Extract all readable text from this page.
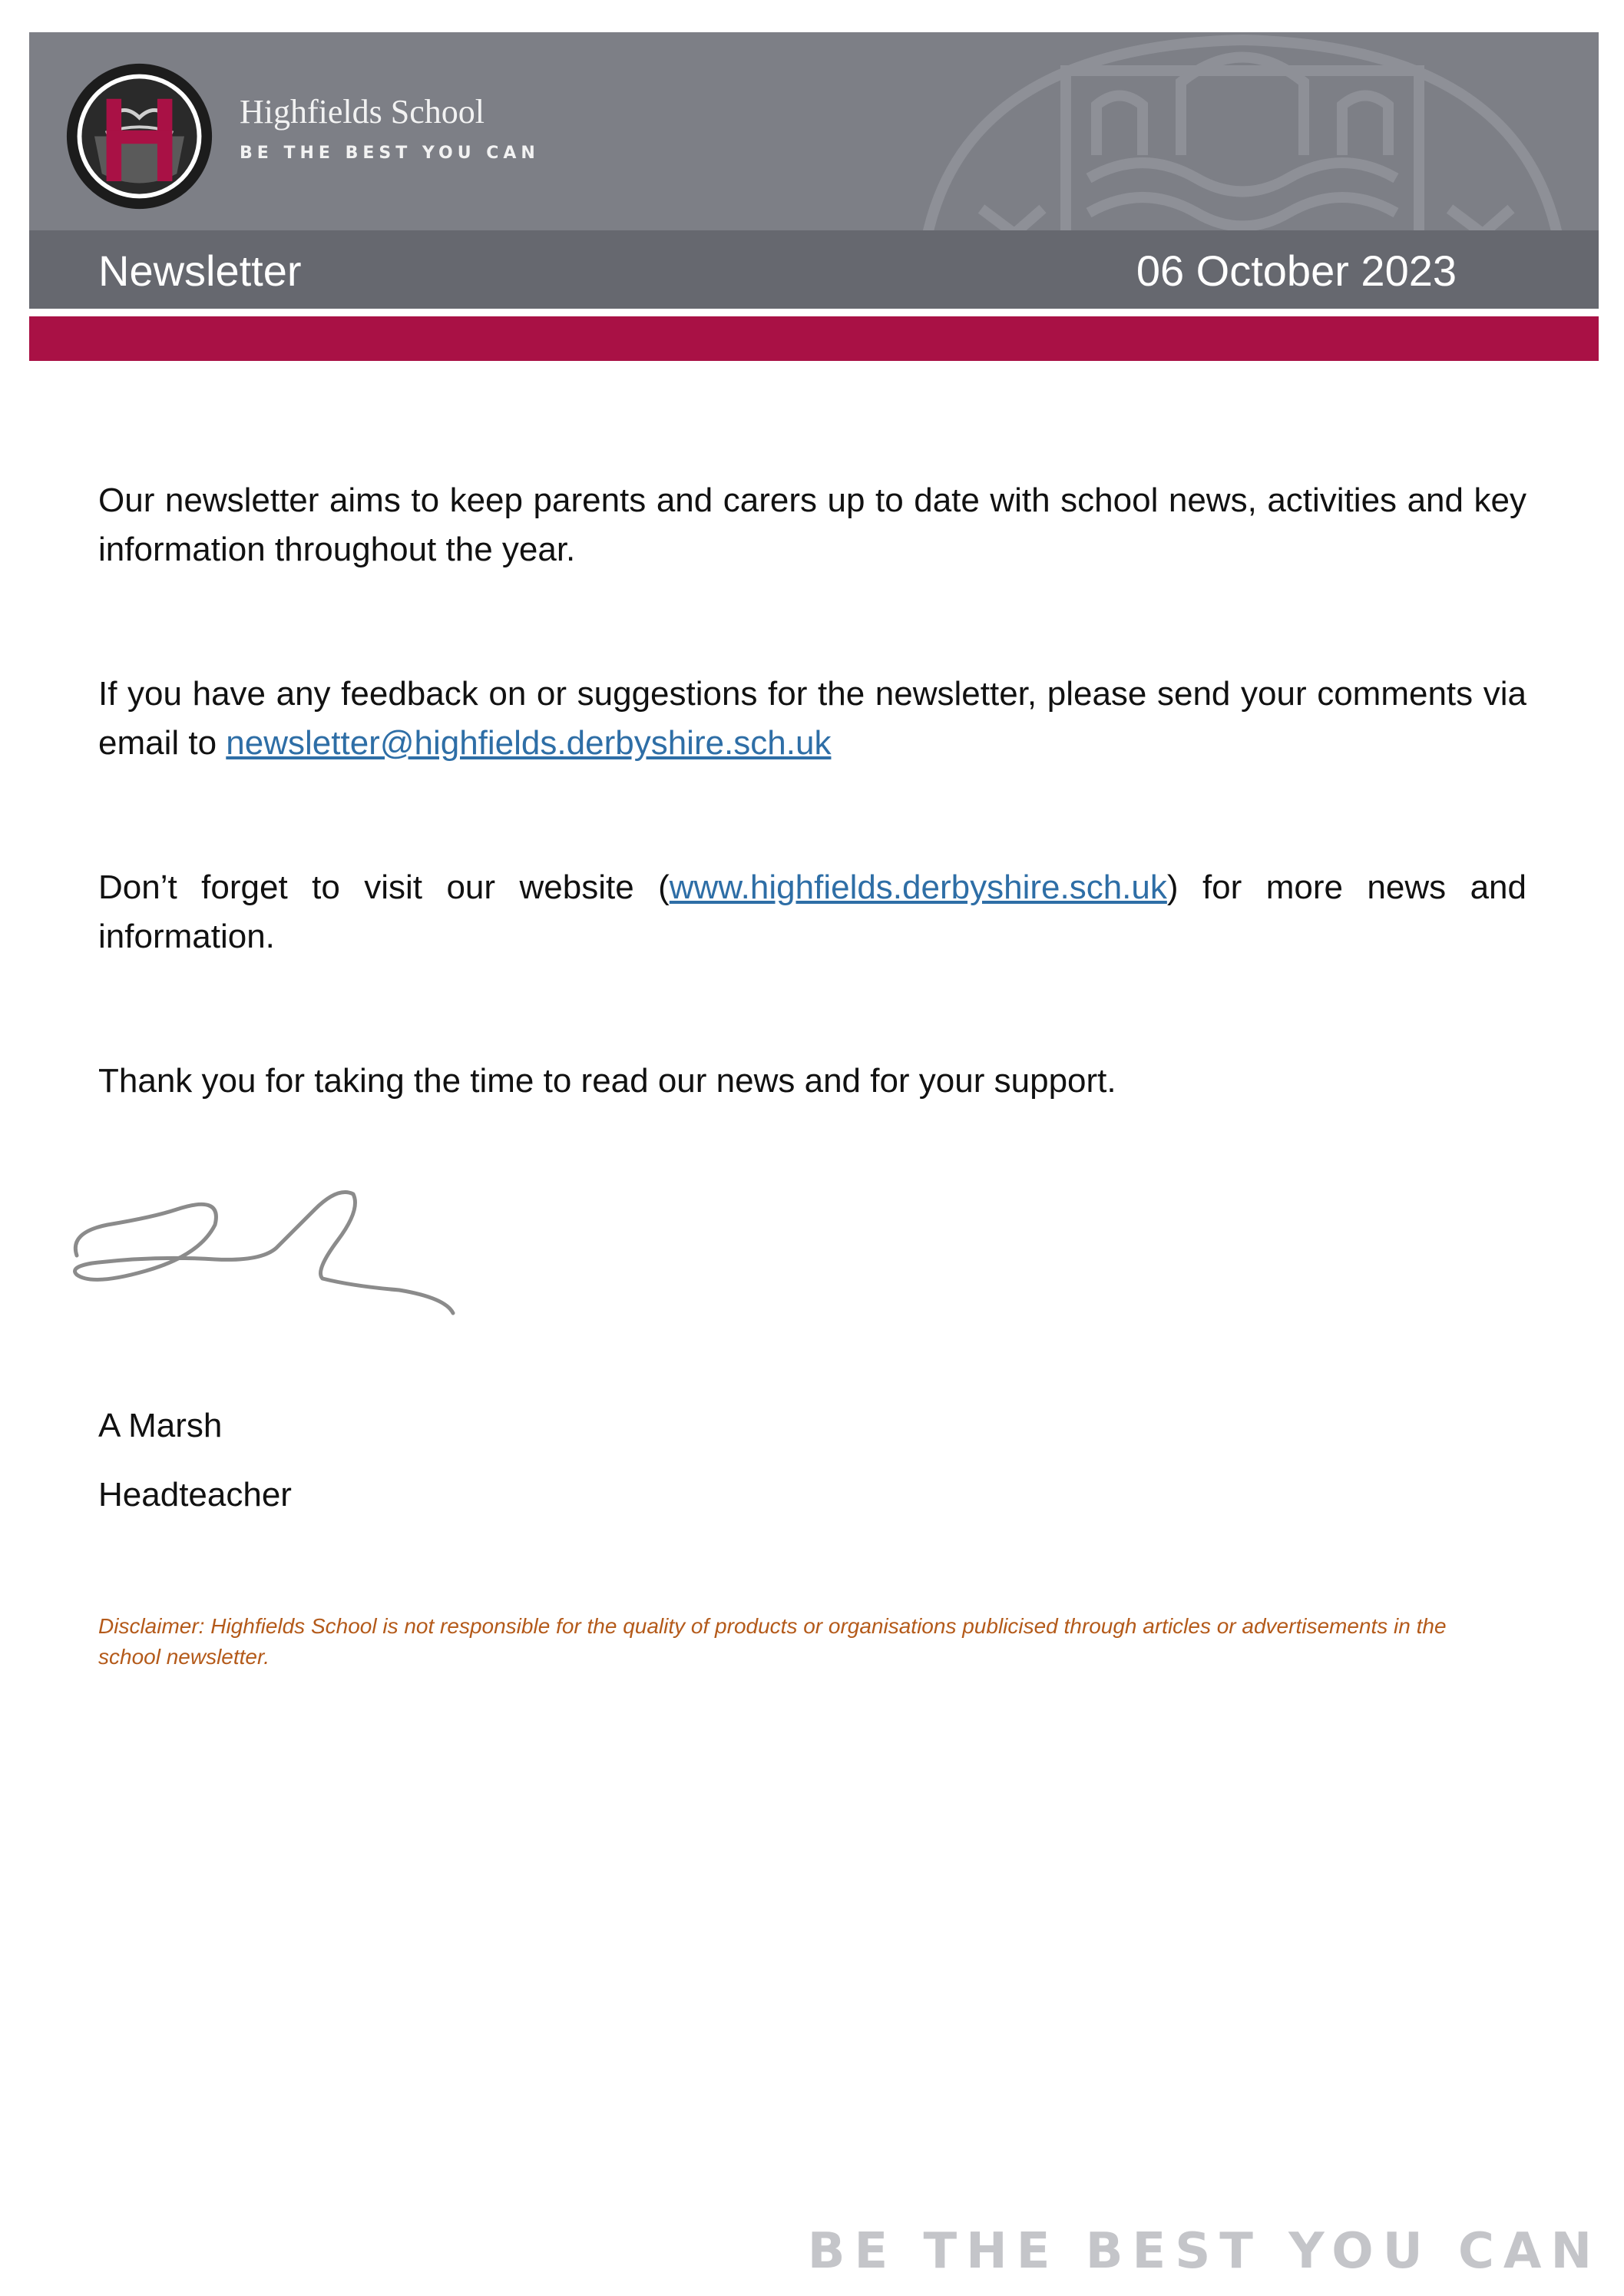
Highfields School
BE THE BEST YOU CAN
Newsletter	06 October 2023

Our newsletter aims to keep parents and carers up to date with school news, activities and key information throughout the year.

If you have any feedback on or suggestions for the newsletter, please send your comments via email to newsletter@highfields.derbyshire.sch.uk

Don’t forget to visit our website (www.highfields.derbyshire.sch.uk) for more news and information.

Thank you for taking the time to read our news and for your support.

A Marsh

Headteacher

Disclaimer: Highfields School is not responsible for the quality of products or organisations publicised through articles or advertisements in the school newsletter.

BE THE BEST YOU CAN
